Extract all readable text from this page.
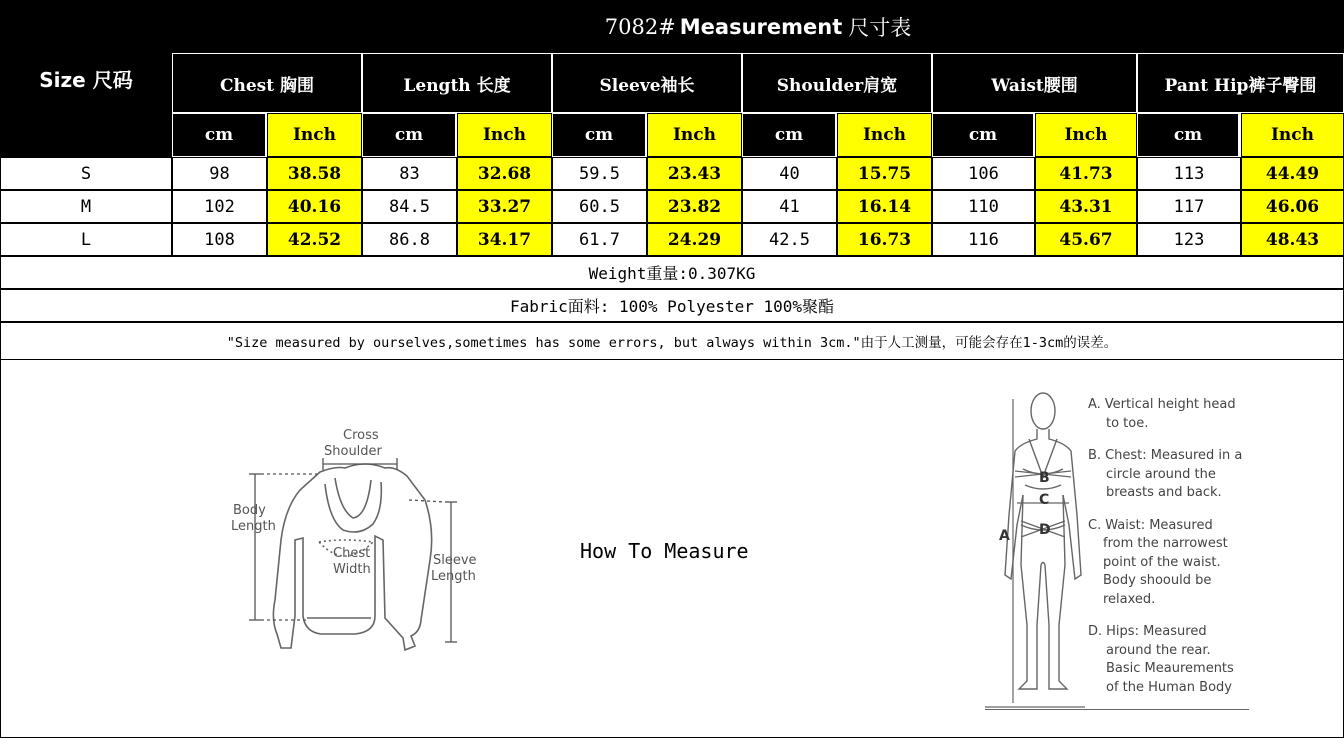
Size 尺码
7082# Measurement 尺寸表
Chest 胸围	Length 长度	Sleeve袖长	Shoulder肩宽	Waist腰围	Pant Hip裤子臀围
cm	Inch	cm	Inch	cm	Inch	cm	Inch	cm	Inch	cm	Inch
S	98	38.58	83	32.68	59.5	23.43	40	15.75	106	41.73	113	44.49
M	102	40.16	84.5	33.27	60.5	23.82	41	16.14	110	43.31	117	46.06
L	108	42.52	86.8	34.17	61.7	24.29	42.5	16.73	116	45.67	123	48.43
Weight重量:0.307KG
Fabric面料: 100% Polyester 100%聚酯
"Size measured by ourselves,sometimes has some errors, but always within 3cm."由于人工测量，可能会存在1-3cm的误差。
Cross
Shoulder
Body
Length
Chest
Width
Sleeve
Length
How To Measure
B
C
D
A
A. Vertical height head
to toe.
B. Chest: Measured in a
circle around the
breasts and back.
C. Waist: Measured
from the narrowest
point of the waist.
Body shoould be
relaxed.
D. Hips: Measured
around the rear.
Basic Meaurements
of the Human Body
